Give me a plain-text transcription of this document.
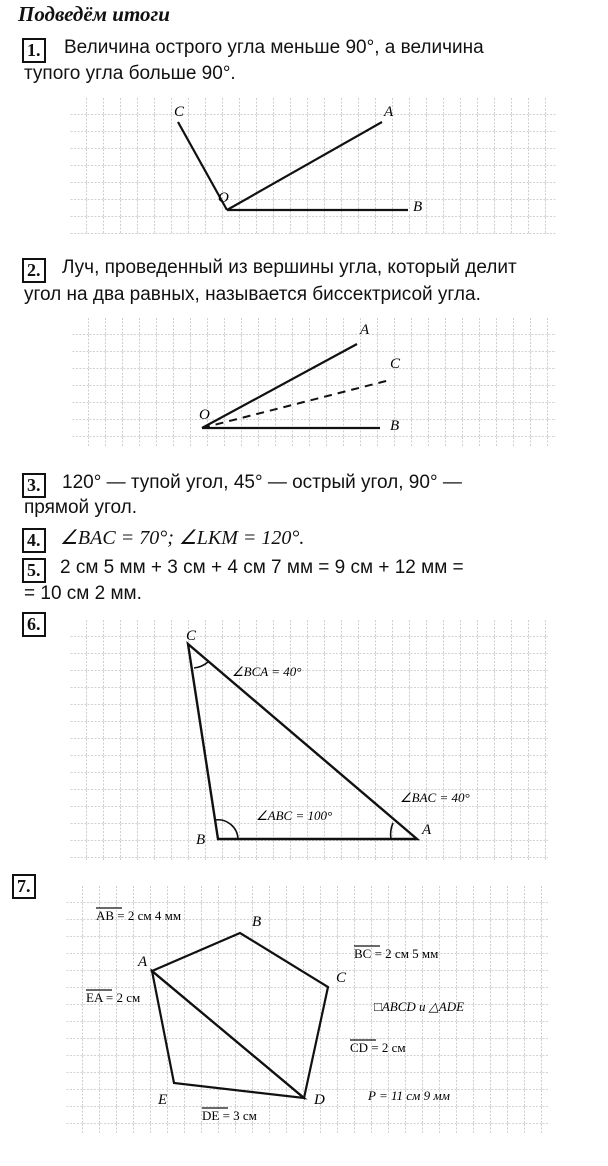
Подведём итоги
1. Величина острого угла меньше 90°, а величина
тупого угла больше 90°.
C	A
O
B
2. Луч, проведенный из вершины угла, который делит
угол на два равных, называется биссектрисой угла.
A
C
O
B
3. 120° — тупой угол, 45° — острый угол, 90° —
прямой угол.
4. ∠BAC = 70°; ∠LKM = 120°.
5. 2 см 5 мм + 3 см + 4 см 7 мм = 9 см + 12 мм =
= 10 см 2 мм.
6.
C
B
A
∠BCA = 40°
∠ABC = 100°
∠BAC = 40°
7.
B
A
C
E	D
AB = 2 см 4 мм
BC = 2 см 5 мм
EA = 2 см
□ABCD и △ADE
CD = 2 см
DE = 3 см
P = 11 см 9 мм
